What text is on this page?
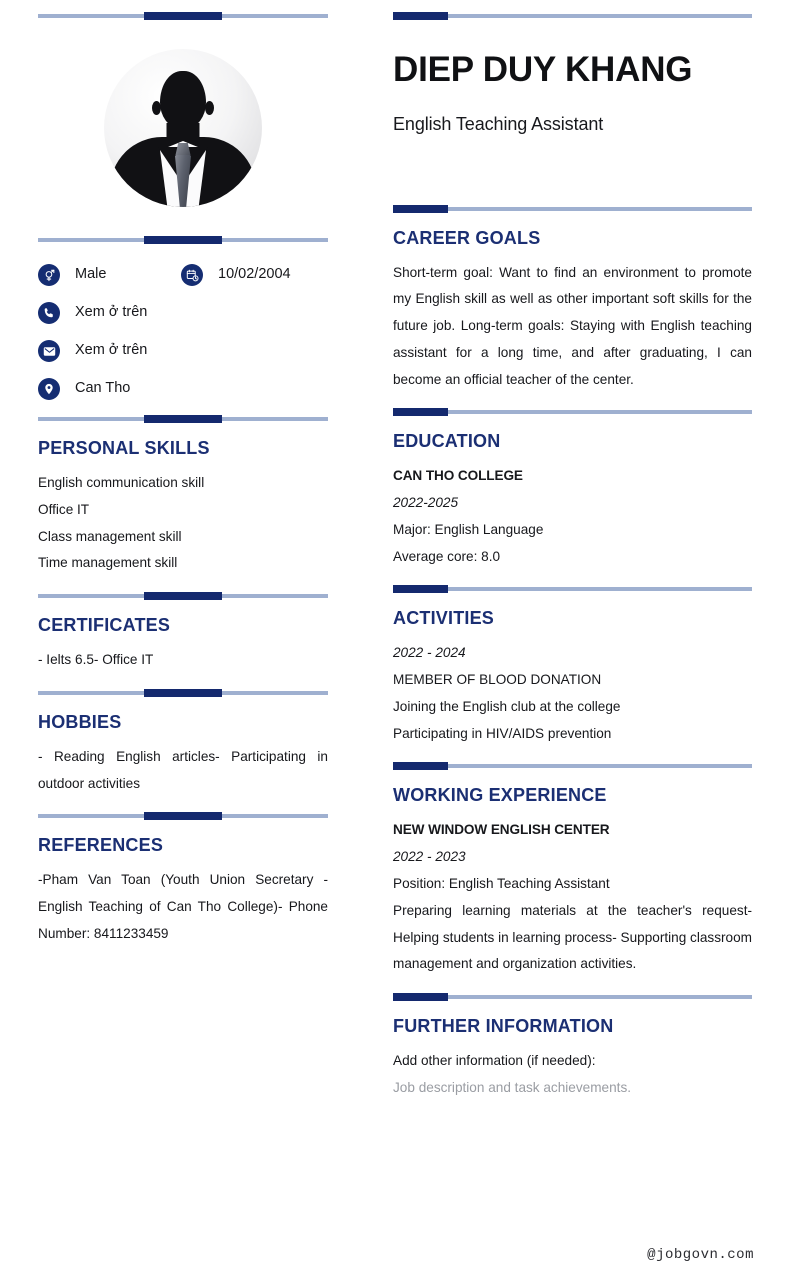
Male	10/02/2004
Xem ở trên
Xem ở trên
Can Tho
PERSONAL SKILLS
English communication skill
Office IT
Class management skill
Time management skill
CERTIFICATES
- Ielts 6.5- Office IT
HOBBIES
- Reading English articles- Participating in outdoor activities
REFERENCES
-Pham Van Toan (Youth Union Secretary - English Teaching of Can Tho College)- Phone Number: 8411233459
DIEP DUY KHANG
English Teaching Assistant
CAREER GOALS
Short-term goal: Want to find an environment to promote my English skill as well as other important soft skills for the future job. Long-term goals: Staying with English teaching assistant for a long time, and after graduating, I can become an official teacher of the center.
EDUCATION
CAN THO COLLEGE
2022-2025
Major: English Language
Average core: 8.0
ACTIVITIES
2022 - 2024
MEMBER OF BLOOD DONATION
Joining the English club at the college
Participating in HIV/AIDS prevention
WORKING EXPERIENCE
NEW WINDOW ENGLISH CENTER
2022 - 2023
Position: English Teaching Assistant
Preparing learning materials at the teacher's request- Helping students in learning process- Supporting classroom management and organization activities.
FURTHER INFORMATION
Add other information (if needed):
Job description and task achievements.
@jobgovn.com
